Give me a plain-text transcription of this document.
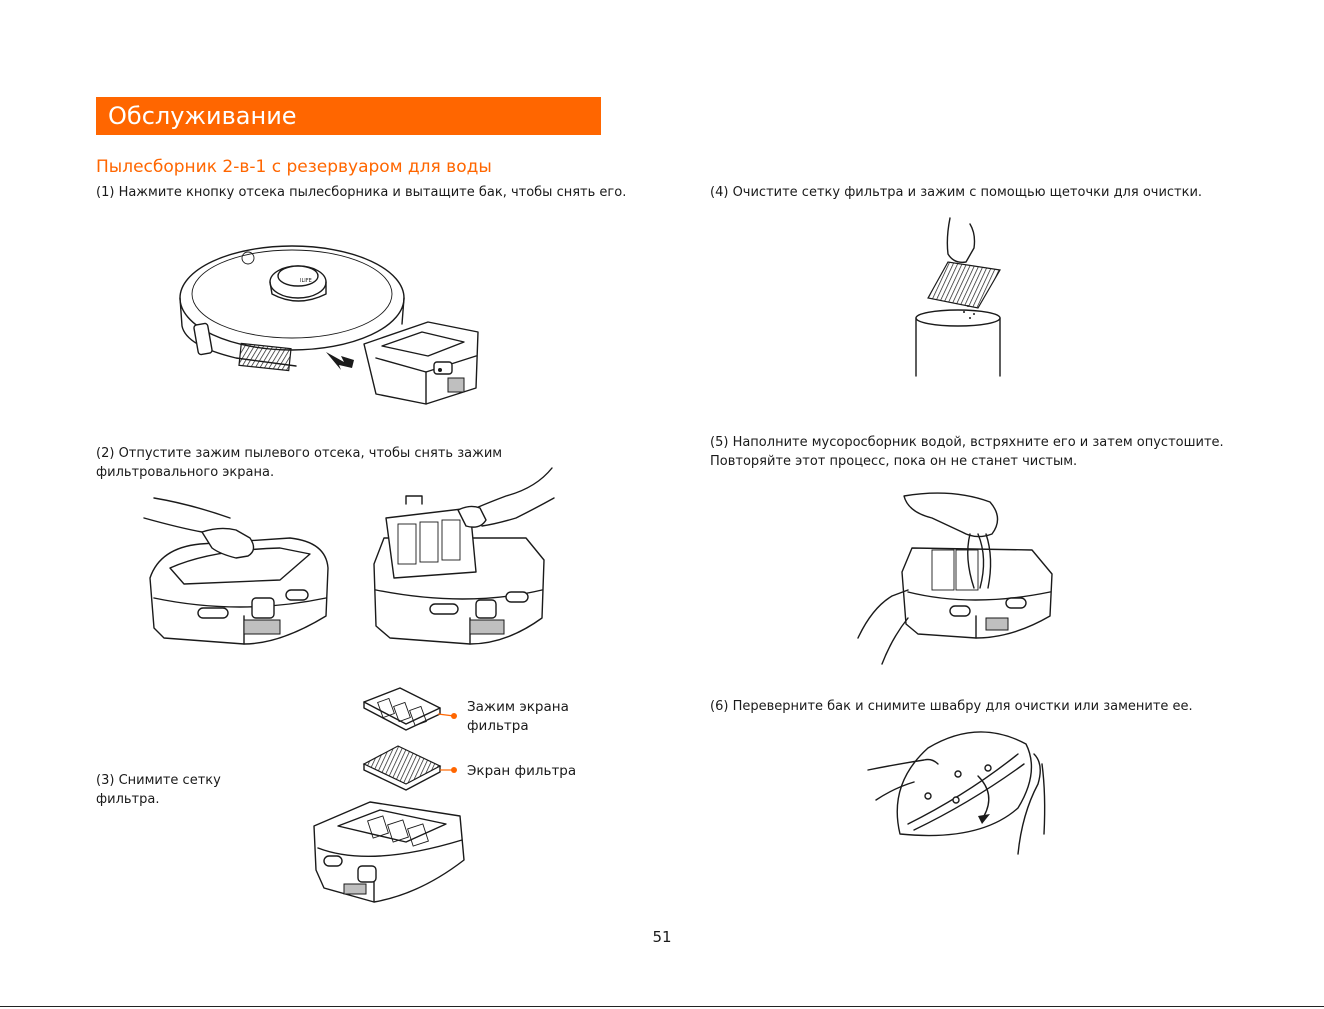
Обслуживание
Пылесборник 2-в-1 с резервуаром для воды
(1) Нажмите кнопку отсека пылесборника и вытащите бак, чтобы снять его.
(2) Отпустите зажим пылевого отсека, чтобы снять зажим
фильтровального экрана.
(3) Снимите сетку
фильтра.
Зажим экрана
фильтра
Экран фильтра
(4) Очистите сетку фильтра и зажим с помощью щеточки для очистки.
(5) Наполните мусоросборник водой, встряхните его и затем опустошите.
Повторяйте этот процесс, пока он не станет чистым.
(6) Переверните бак и снимите швабру для очистки или замените ее.
51
ILIFE
